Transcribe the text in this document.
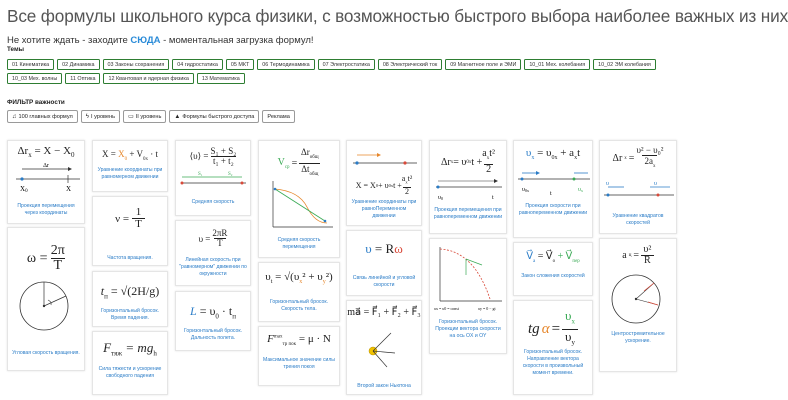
Все формулы школьного курса физики, с возможностью быстрого выбора наиболее важных из них
Не хотите ждать - заходите СЮДА - моментальная загрузка формул!
Темы
01 Кинематика	02 Динамика	03 Законы сохранения	04 гидростатика	05 МКТ	06 Термодинамика	07 Электростатика	08 Электрический ток	09 Магнитное поле и ЭМИ	10_01 Мех. колебания	10_02 ЭМ колебания
10_03 Мех. волны	11 Оптика	12 Квантовая и ядерная физика	13 Математика
ФИЛЬТР важности
♫ 100 главных формул ϟ I уровень ▭ II уровень ▲ Формулы быстрого доступа Реклама
$\Delta r_x = X - X_0$
Δr
X0	X
Проекция перемещения через координаты
$\omega = \frac{2\pi}{T}$
Угловая скорость вращения.
$X = X_0 + V_{0x} \cdot t$
Уравнение координаты при равномерном движении
$\nu = \frac{1}{T}$
Частота вращения.
$t_п = √(2H/g)$
Горизонтальный бросок. Время падения.
$F_{тяж} = mg_h$
Сила тяжести и ускорение свободного падения
⟨υ⟩ = $\frac{\text{S₁ + S₂}}{\text{t₁ + t₂}}$
S₁	S₂
Средняя скорость
$\upsilon = \frac{2\pi R}{T}$
Линейная скорость при "равномерном" движении по окружности
$L = \upsilon_0 \cdot t_п$
Горизонтальный бросок. Дальность полета.
$V_{ср}$ =
$\Delta r_{общ}$
$\Delta t_{общ}$
Средняя скорость перемещения
$\upsilon_t = √(\upsilon_x^2 + \upsilon_y^2)$
Горизонтальный бросок. Скорость тела.
$F^{max}_{тр пок} = \mu \cdot N$
Максимальное значение силы трения покоя
X = X 0 + υ 0x t +
$a_xt^2$
2
Уравнение координаты при равноПеременном движении
υ = Rω
Связь линейной и угловой скорости
ma⃗ = F⃗₁ + F⃗₂ + F⃗₃
Второй закон Ньютона
Δr x = υ 0x t +
$a_xt^2$
2
υ0	t
Проекция перемещения при равнопеременном движении
υx = υ0 = const	υy = 0 − gt
Горизонтальный бросок. Проекции вектора скорости на ось OX и OY
$\upsilon_x = \upsilon_{0x} + a_xt$
υ0x
t
υx
Проекция скорости при равнопеременном движении
$V⃗_a$ = $V⃗_o$ + $V⃗_{пер}$
Закон сложения скоростей
tg $\alpha = \frac{\upsilon_x}{\upsilon_y}$
Горизонтальный бросок. Направление вектора скорости в произвольный момент времени.
Δr $x = \frac{\text{υ² − υ₀²}}{2a_x}$
υ	υ
Уравнение квадратов скоростей
a $ц = \frac{\text{υ²}}{R}$
Центростремительное ускорение.
